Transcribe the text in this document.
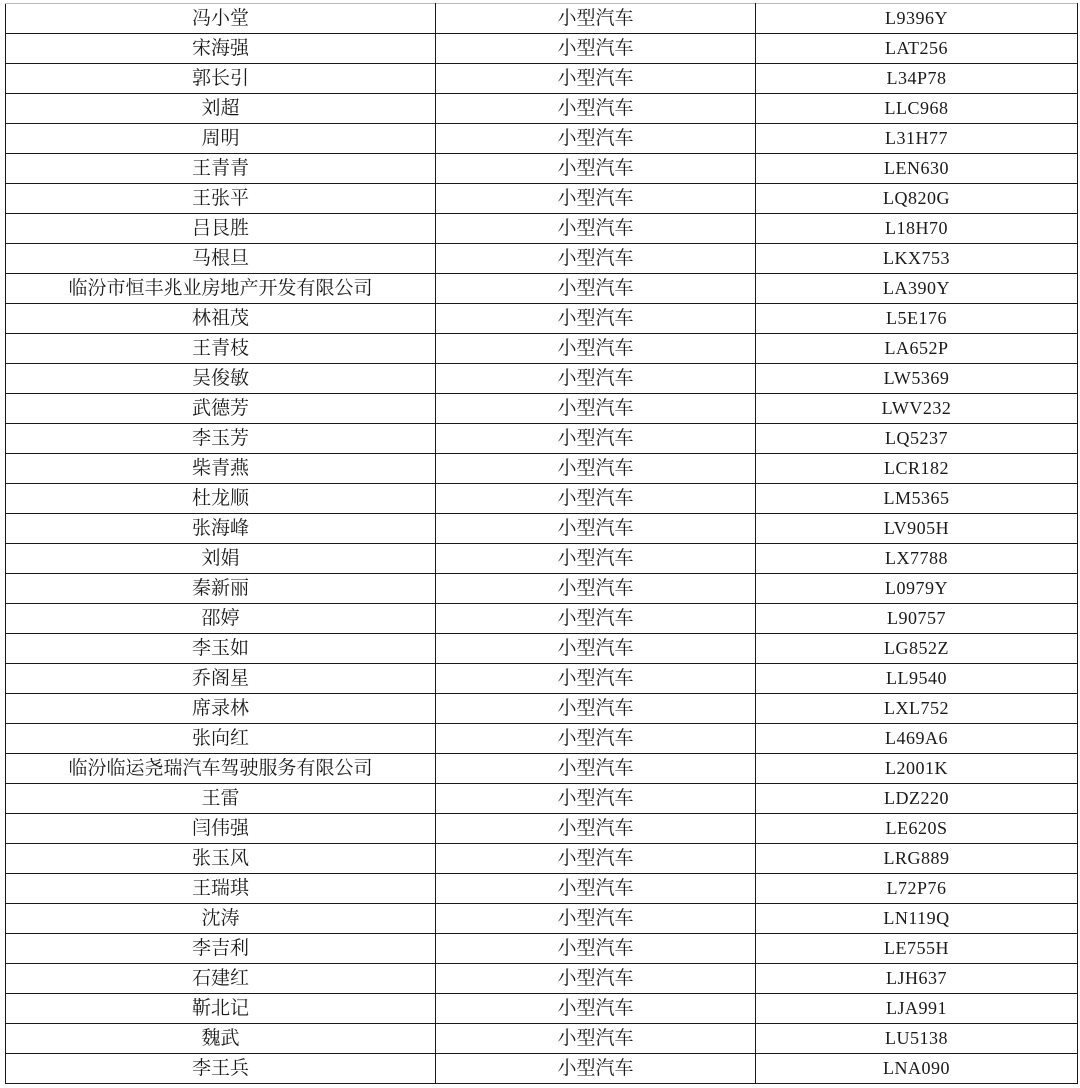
冯小堂	小型汽车	L9396Y
宋海强	小型汽车	LAT256
郭长引	小型汽车	L34P78
刘超	小型汽车	LLC968
周明	小型汽车	L31H77
王青青	小型汽车	LEN630
王张平	小型汽车	LQ820G
吕艮胜	小型汽车	L18H70
马根旦	小型汽车	LKX753
临汾市恒丰兆业房地产开发有限公司	小型汽车	LA390Y
林祖茂	小型汽车	L5E176
王青枝	小型汽车	LA652P
吴俊敏	小型汽车	LW5369
武德芳	小型汽车	LWV232
李玉芳	小型汽车	LQ5237
柴青燕	小型汽车	LCR182
杜龙顺	小型汽车	LM5365
张海峰	小型汽车	LV905H
刘娟	小型汽车	LX7788
秦新丽	小型汽车	L0979Y
邵婷	小型汽车	L90757
李玉如	小型汽车	LG852Z
乔阁星	小型汽车	LL9540
席录林	小型汽车	LXL752
张向红	小型汽车	L469A6
临汾临运尧瑞汽车驾驶服务有限公司	小型汽车	L2001K
王雷	小型汽车	LDZ220
闫伟强	小型汽车	LE620S
张玉风	小型汽车	LRG889
王瑞琪	小型汽车	L72P76
沈涛	小型汽车	LN119Q
李吉利	小型汽车	LE755H
石建红	小型汽车	LJH637
靳北记	小型汽车	LJA991
魏武	小型汽车	LU5138
李王兵	小型汽车	LNA090
